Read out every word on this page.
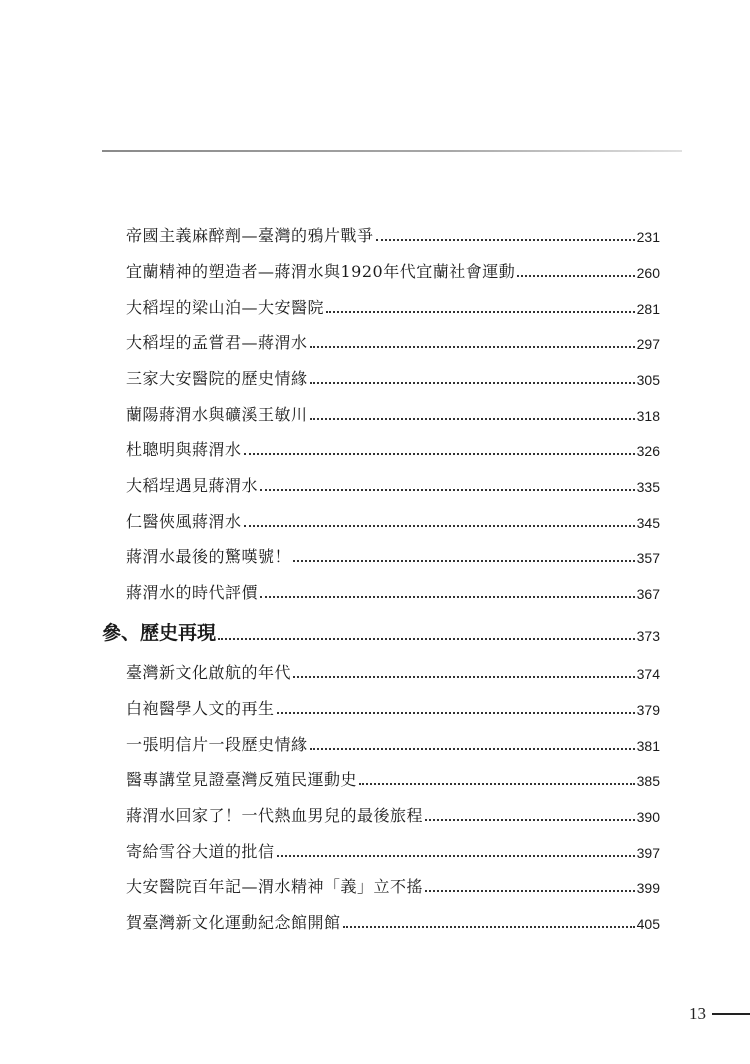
帝國主義麻醉劑—臺灣的鴉片戰爭	231
宜蘭精神的塑造者—蔣渭水與1920年代宜蘭社會運動	260
大稻埕的梁山泊—大安醫院	281
大稻埕的孟嘗君—蔣渭水	297
三家大安醫院的歷史情緣	305
蘭陽蔣渭水與礦溪王敏川	318
杜聰明與蔣渭水	326
大稻埕遇見蔣渭水	335
仁醫俠風蔣渭水	345
蔣渭水最後的驚嘆號！	357
蔣渭水的時代評價	367
參、歷史再現	373
臺灣新文化啟航的年代	374
白袍醫學人文的再生	379
一張明信片一段歷史情緣	381
醫專講堂見證臺灣反殖民運動史	385
蔣渭水回家了！一代熱血男兒的最後旅程	390
寄給雪谷大道的批信	397
大安醫院百年記—渭水精神「義」立不搖	399
賀臺灣新文化運動紀念館開館	405
13
